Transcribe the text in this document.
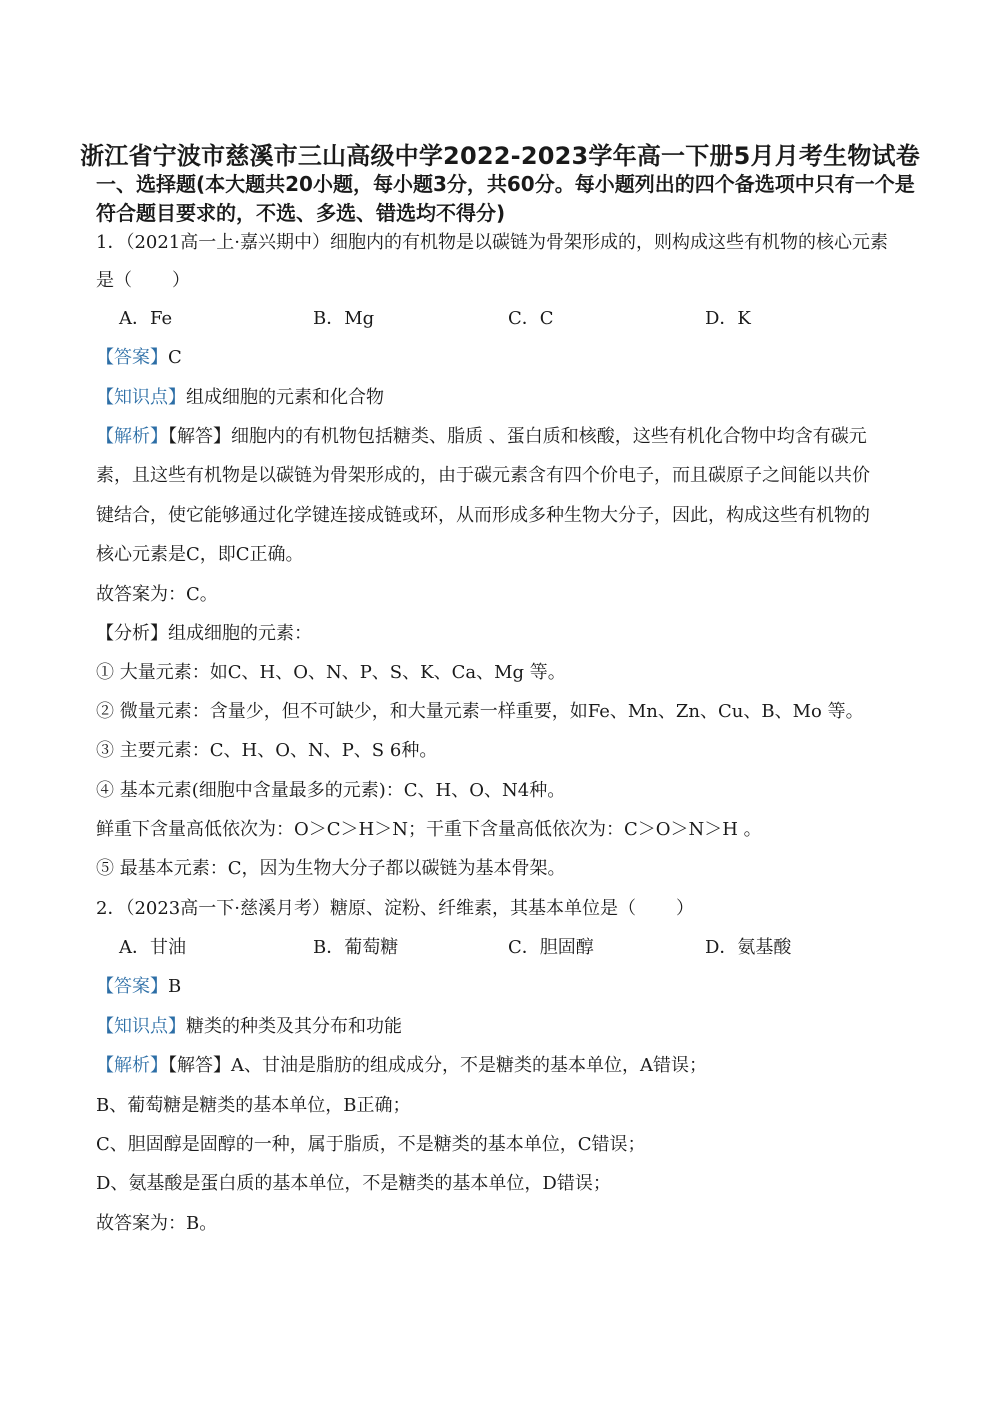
浙江省宁波市慈溪市三山高级中学2022-2023学年高一下册5月月考生物试卷
一、选择题(本大题共20小题，每小题3分，共60分。每小题列出的四个备选项中只有一个是符合题目要求的，不选、多选、错选均不得分)
1．（2021高一上·嘉兴期中）细胞内的有机物是以碳链为骨架形成的，则构成这些有机物的核心元素
是（ ）
A．Fe	B．Mg	C．C	D．K
【答案】C
【知识点】组成细胞的元素和化合物
【解析】【解答】细胞内的有机物包括糖类、脂质 、蛋白质和核酸，这些有机化合物中均含有碳元
素，且这些有机物是以碳链为骨架形成的，由于碳元素含有四个价电子，而且碳原子之间能以共价
键结合，使它能够通过化学键连接成链或环，从而形成多种生物大分子，因此，构成这些有机物的
核心元素是C，即C正确。
故答案为：C。
【分析】组成细胞的元素：
① 大量元素：如C、H、O、N、P、S、K、Ca、Mg 等。
② 微量元素：含量少，但不可缺少，和大量元素一样重要，如Fe、Mn、Zn、Cu、B、Mo 等。
③ 主要元素：C、H、O、N、P、S 6种。
④ 基本元素(细胞中含量最多的元素)：C、H、O、N4种。
鲜重下含量高低依次为：O＞C＞H＞N；干重下含量高低依次为：C＞O＞N＞H 。
⑤ 最基本元素：C，因为生物大分子都以碳链为基本骨架。
2．（2023高一下·慈溪月考）糖原、淀粉、纤维素，其基本单位是（ ）
A．甘油	B．葡萄糖	C．胆固醇	D．氨基酸
【答案】B
【知识点】糖类的种类及其分布和功能
【解析】【解答】A、甘油是脂肪的组成成分，不是糖类的基本单位，A错误；
B、葡萄糖是糖类的基本单位，B正确；
C、胆固醇是固醇的一种，属于脂质，不是糖类的基本单位，C错误；
D、氨基酸是蛋白质的基本单位，不是糖类的基本单位，D错误；
故答案为：B。
